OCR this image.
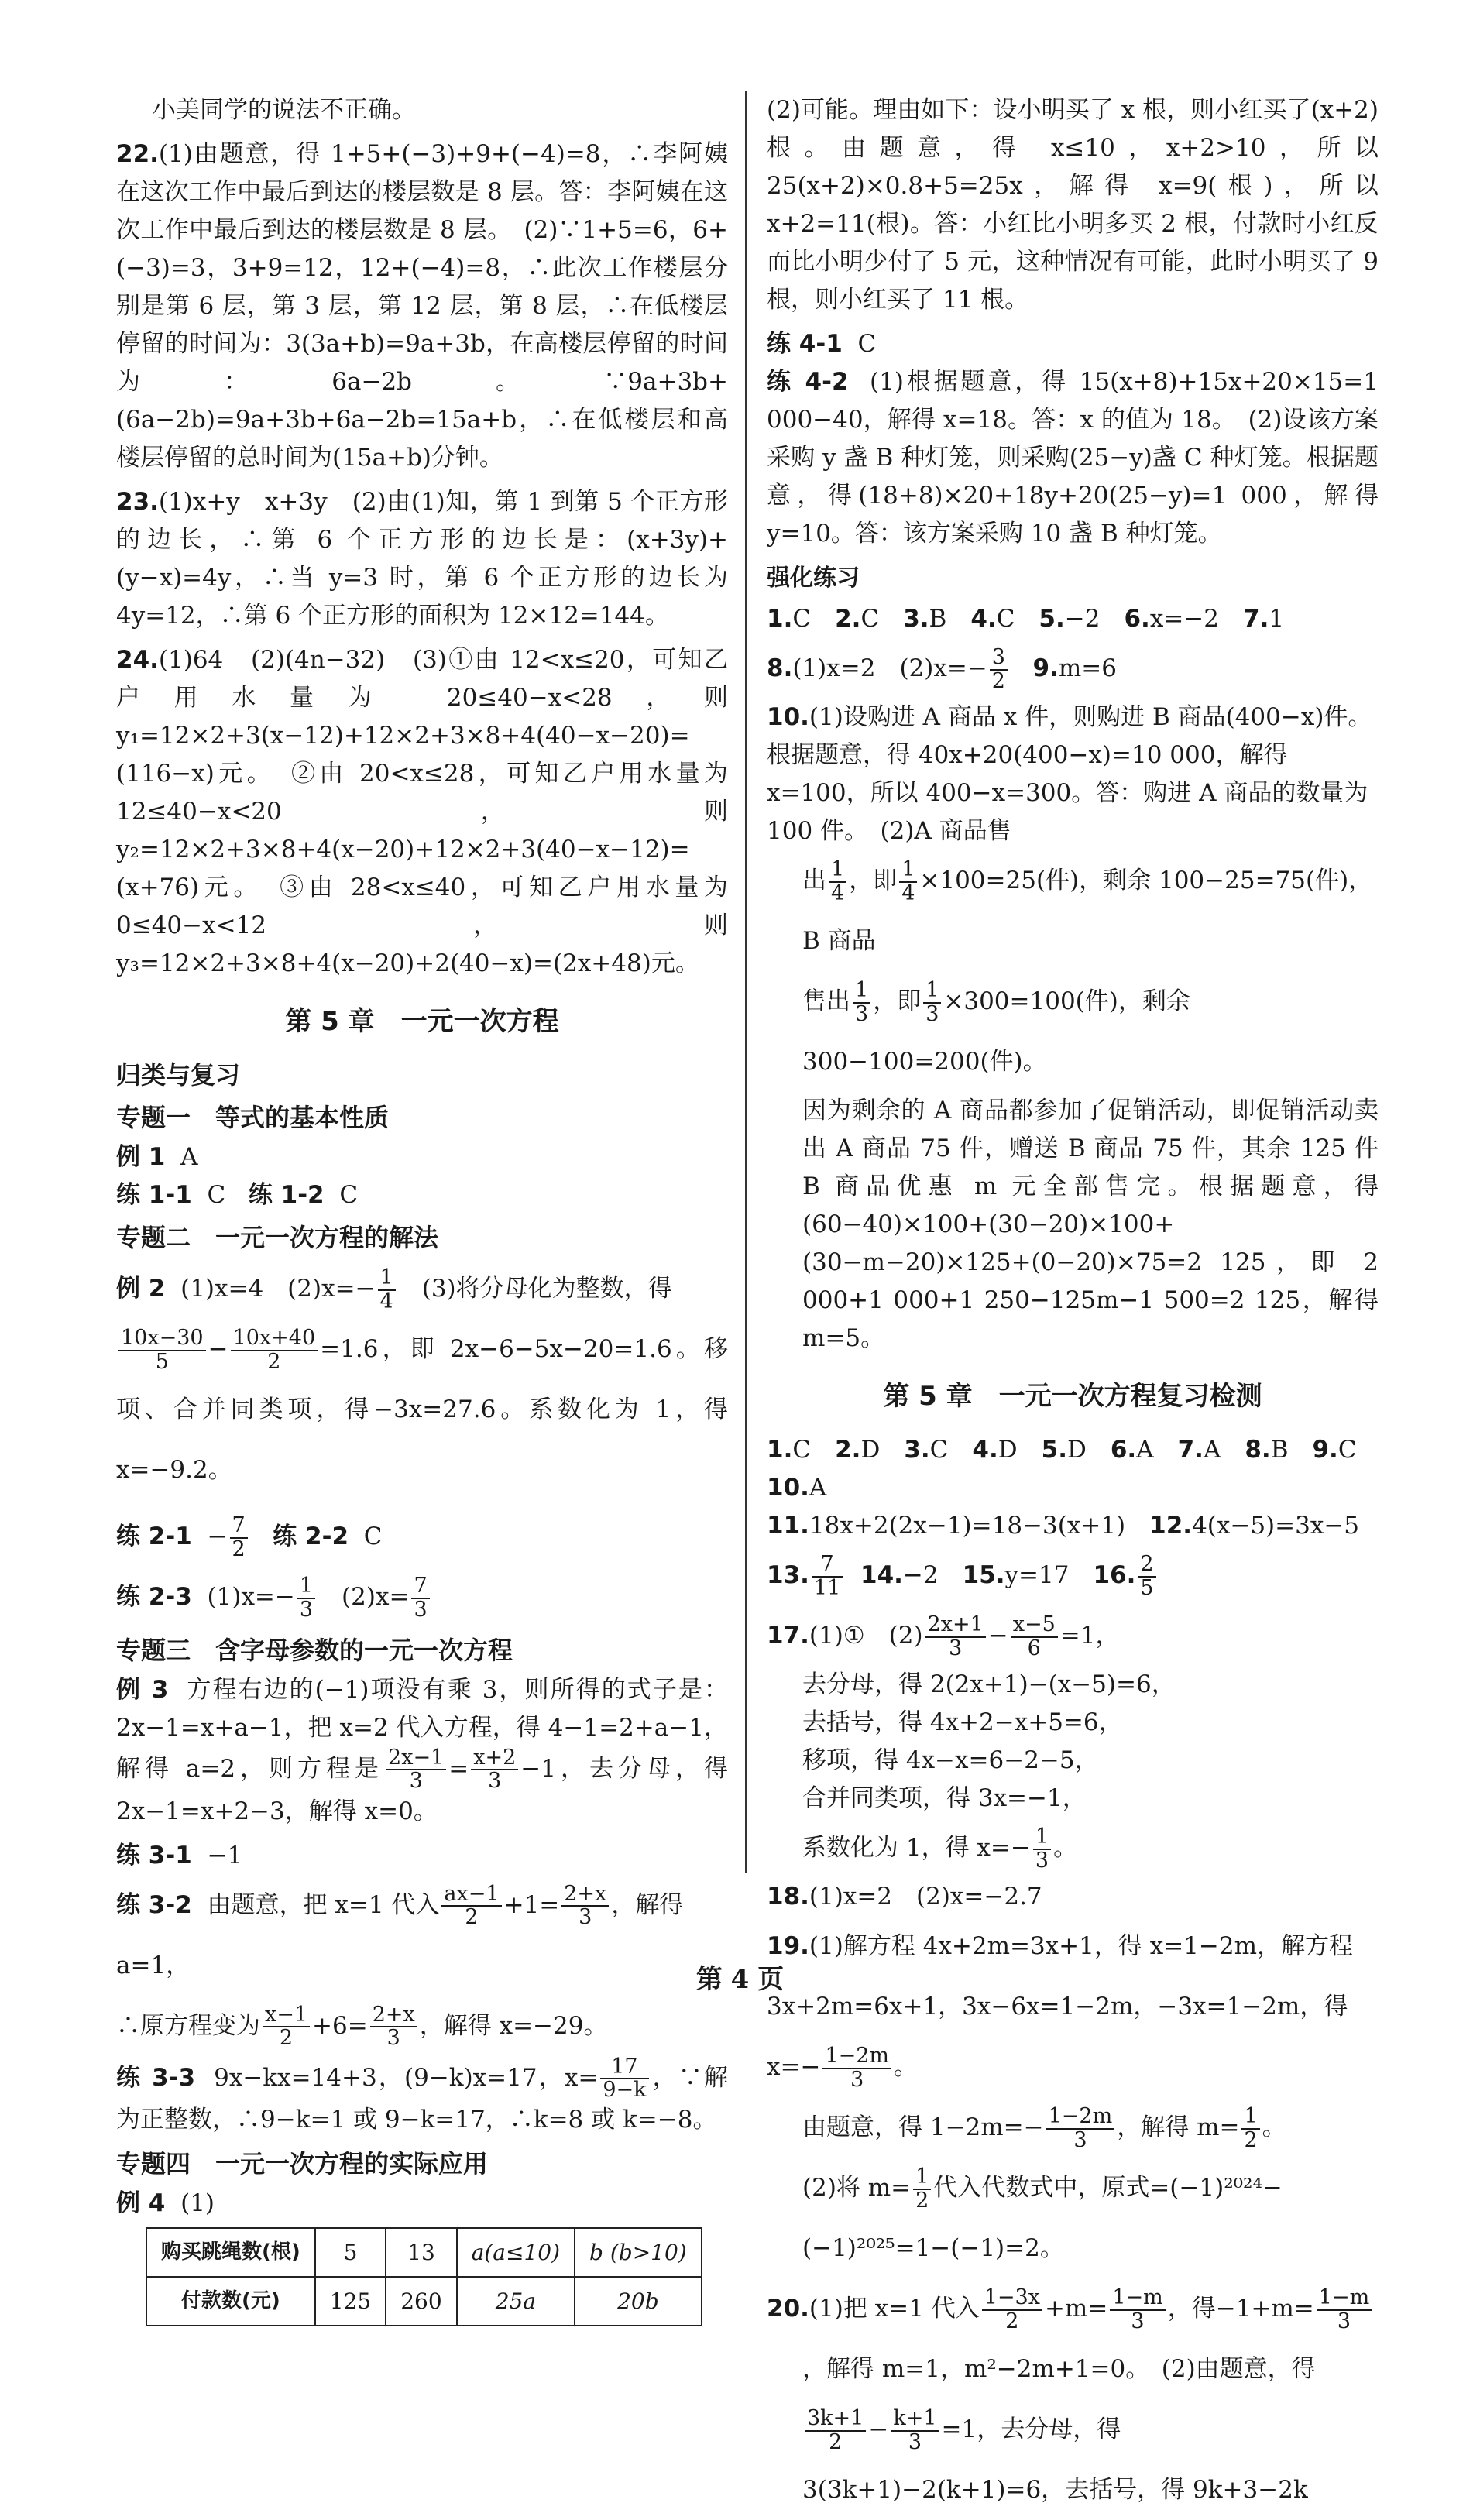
小美同学的说法不正确。

22.(1)由题意，得 1+5+(−3)+9+(−4)=8，∴李阿姨在这次工作中最后到达的楼层数是 8 层。答：李阿姨在这次工作中最后到达的楼层数是 8 层。　(2)∵1+5=6，6+(−3)=3，3+9=12，12+(−4)=8，∴此次工作楼层分别是第 6 层，第 3 层，第 12 层，第 8 层，∴在低楼层停留的时间为：3(3a+b)=9a+3b，在高楼层停留的时间为：6a−2b。∵9a+3b+(6a−2b)=9a+3b+6a−2b=15a+b，∴在低楼层和高楼层停留的总时间为(15a+b)分钟。

23.(1)x+y　x+3y　(2)由(1)知，第 1 到第 5 个正方形的边长，∴第 6 个正方形的边长是：(x+3y)+(y−x)=4y，∴当 y=3 时，第 6 个正方形的边长为 4y=12，∴第 6 个正方形的面积为 12×12=144。

24.(1)64　(2)(4n−32)　(3)①由 12<x≤20，可知乙户用水量为 20≤40−x<28，则 y₁=12×2+3(x−12)+12×2+3×8+4(40−x−20)=(116−x)元。　②由 20<x≤28，可知乙户用水量为 12≤40−x<20，则 y₂=12×2+3×8+4(x−20)+12×2+3(40−x−12)=(x+76)元。　③由 28<x≤40，可知乙户用水量为 0≤40−x<12，则 y₃=12×2+3×8+4(x−20)+2(40−x)=(2x+48)元。

第 5 章　一元一次方程

归类与复习

专题一　等式的基本性质

例 1 A

练 1-1 C 练 1-2 C

专题二　一元一次方程的解法

例 2 (1)x=4　$(2)x=- \frac{1}{4}$ 　(3)将分母化为整数，得

$\frac{10x-30}{5} - \frac{10x+40}{2} =1.6$，即 2x−6−5x−20=1.6。移项、合并同类项，得−3x=27.6。系数化为 1，得 x=−9.2。

练 $2-1 - \frac{7}{2}$ 练 2-2 C

练 2-3 $(1)x=- \frac{1}{3}$ 　$(2)x= \frac{7}{3}$

专题三　含字母参数的一元一次方程

例 3 方程右边的(−1)项没有乘 3，则所得的式子是：2x−1=x+a−1，把 x=2 代入方程，得 4−1=2+a−1，解得 a=2，则方程是 $\frac{2x-1}{3} = \frac{x+2}{3} -1$，去分母，得 2x−1=x+2−3，解得 x=0。

练 3-1 −1

练 3-2 由题意，把 x=1 代入 $\frac{ax-1}{2} +1= \frac{2+x}{3}$ ，解得 a=1，

∴原方程变为 $\frac{x-1}{2} +6= \frac{2+x}{3}$ ，解得 x=−29。

练 3-3 9x−kx=14+3，(9−k)x=17，$x= \frac{17}{9-k}$ ，∵解为正整数，∴9−k=1 或 9−k=17，∴k=8 或 k=−8。

专题四　一元一次方程的实际应用

例 4 (1)

购买跳绳数(根)	5	13	a(a≤10)	b (b>10)
付款数(元)	125	260	25a	20b

(2)可能。理由如下：设小明买了 x 根，则小红买了(x+2)根。由题意，得 x≤10，x+2>10，所以 25(x+2)×0.8+5=25x，解得 x=9(根)，所以 x+2=11(根)。答：小红比小明多买 2 根，付款时小红反而比小明少付了 5 元，这种情况有可能，此时小明买了 9 根，则小红买了 11 根。

练 4-1 C

练 4-2 (1)根据题意，得 15(x+8)+15x+20×15=1 000−40，解得 x=18。答：x 的值为 18。　(2)设该方案采购 y 盏 B 种灯笼，则采购(25−y)盏 C 种灯笼。根据题意，得(18+8)×20+18y+20(25−y)=1 000，解得 y=10。答：该方案采购 10 盏 B 种灯笼。

强化练习

1.C　2.C　3.B　4.C　5.−2　6.x=−2　7.1

8.(1)x=2　$(2)x=- \frac{3}{2} 9.m=6$

10.(1)设购进 A 商品 x 件，则购进 B 商品(400−x)件。根据题意，得 40x+20(400−x)=10 000，解得 x=100，所以 400−x=300。答：购进 A 商品的数量为 100 件。　(2)A 商品售

出 $\frac{1}{4}$ ，即 $\frac{1}{4} \times 100=25$(件)，剩余 100−25=75(件)，B 商品

售出 $\frac{1}{3}$ ，即 $\frac{1}{3} \times 300=100$(件)，剩余 300−100=200(件)。

因为剩余的 A 商品都参加了促销活动，即促销活动卖出 A 商品 75 件，赠送 B 商品 75 件，其余 125 件 B 商品优惠 m 元全部售完。根据题意，得(60−40)×100+(30−20)×100+(30−m−20)×125+(0−20)×75=2 125，即 2 000+1 000+1 250−125m−1 500=2 125，解得 m=5。

第 5 章　一元一次方程复习检测

1.C　2.D　3.C　4.D　5.D　6.A　7.A　8.B　9.C　10.A

11.18x+2(2x−1)=18−3(x+1)　12.4(x−5)=3x−5

13. $\frac{7}{11} 14.-2$　15.y=17　16. $\frac{2}{5}$

17.(1)①　$(2) \frac{2x+1}{3} - \frac{x-5}{6} =1$，

去分母，得 2(2x+1)−(x−5)=6，

去括号，得 4x+2−x+5=6，

移项，得 4x−x=6−2−5，

合并同类项，得 3x=−1，

系数化为 1，得 $x=- \frac{1}{3}$ 。

18.(1)x=2　(2)x=−2.7

19.(1)解方程 4x+2m=3x+1，得 x=1−2m，解方程 3x+2m=6x+1，3x−6x=1−2m，−3x=1−2m，得 $x=- \frac{1-2m}{3}$ 。

由题意，得 $1-2m=- \frac{1-2m}{3}$ ，解得 $m= \frac{1}{2}$ 。

(2)将 $m= \frac{1}{2}$ 代入代数式中，原式=(−1)²⁰²⁴−(−1)²⁰²⁵=1−(−1)=2。

20.(1)把 x=1 代入 $\frac{1-3x}{2} +m= \frac{1-m}{3}$ ，得$-1+m= \frac{1-m}{3}$

，解得 m=1，m²−2m+1=0。　(2)由题意，得
$\frac{3k+1}{2} - \frac{k+1}{3} =1$，去分母，得 3(3k+1)−2(k+1)=6，去括号，得 9k+3−2k

第 4 页
